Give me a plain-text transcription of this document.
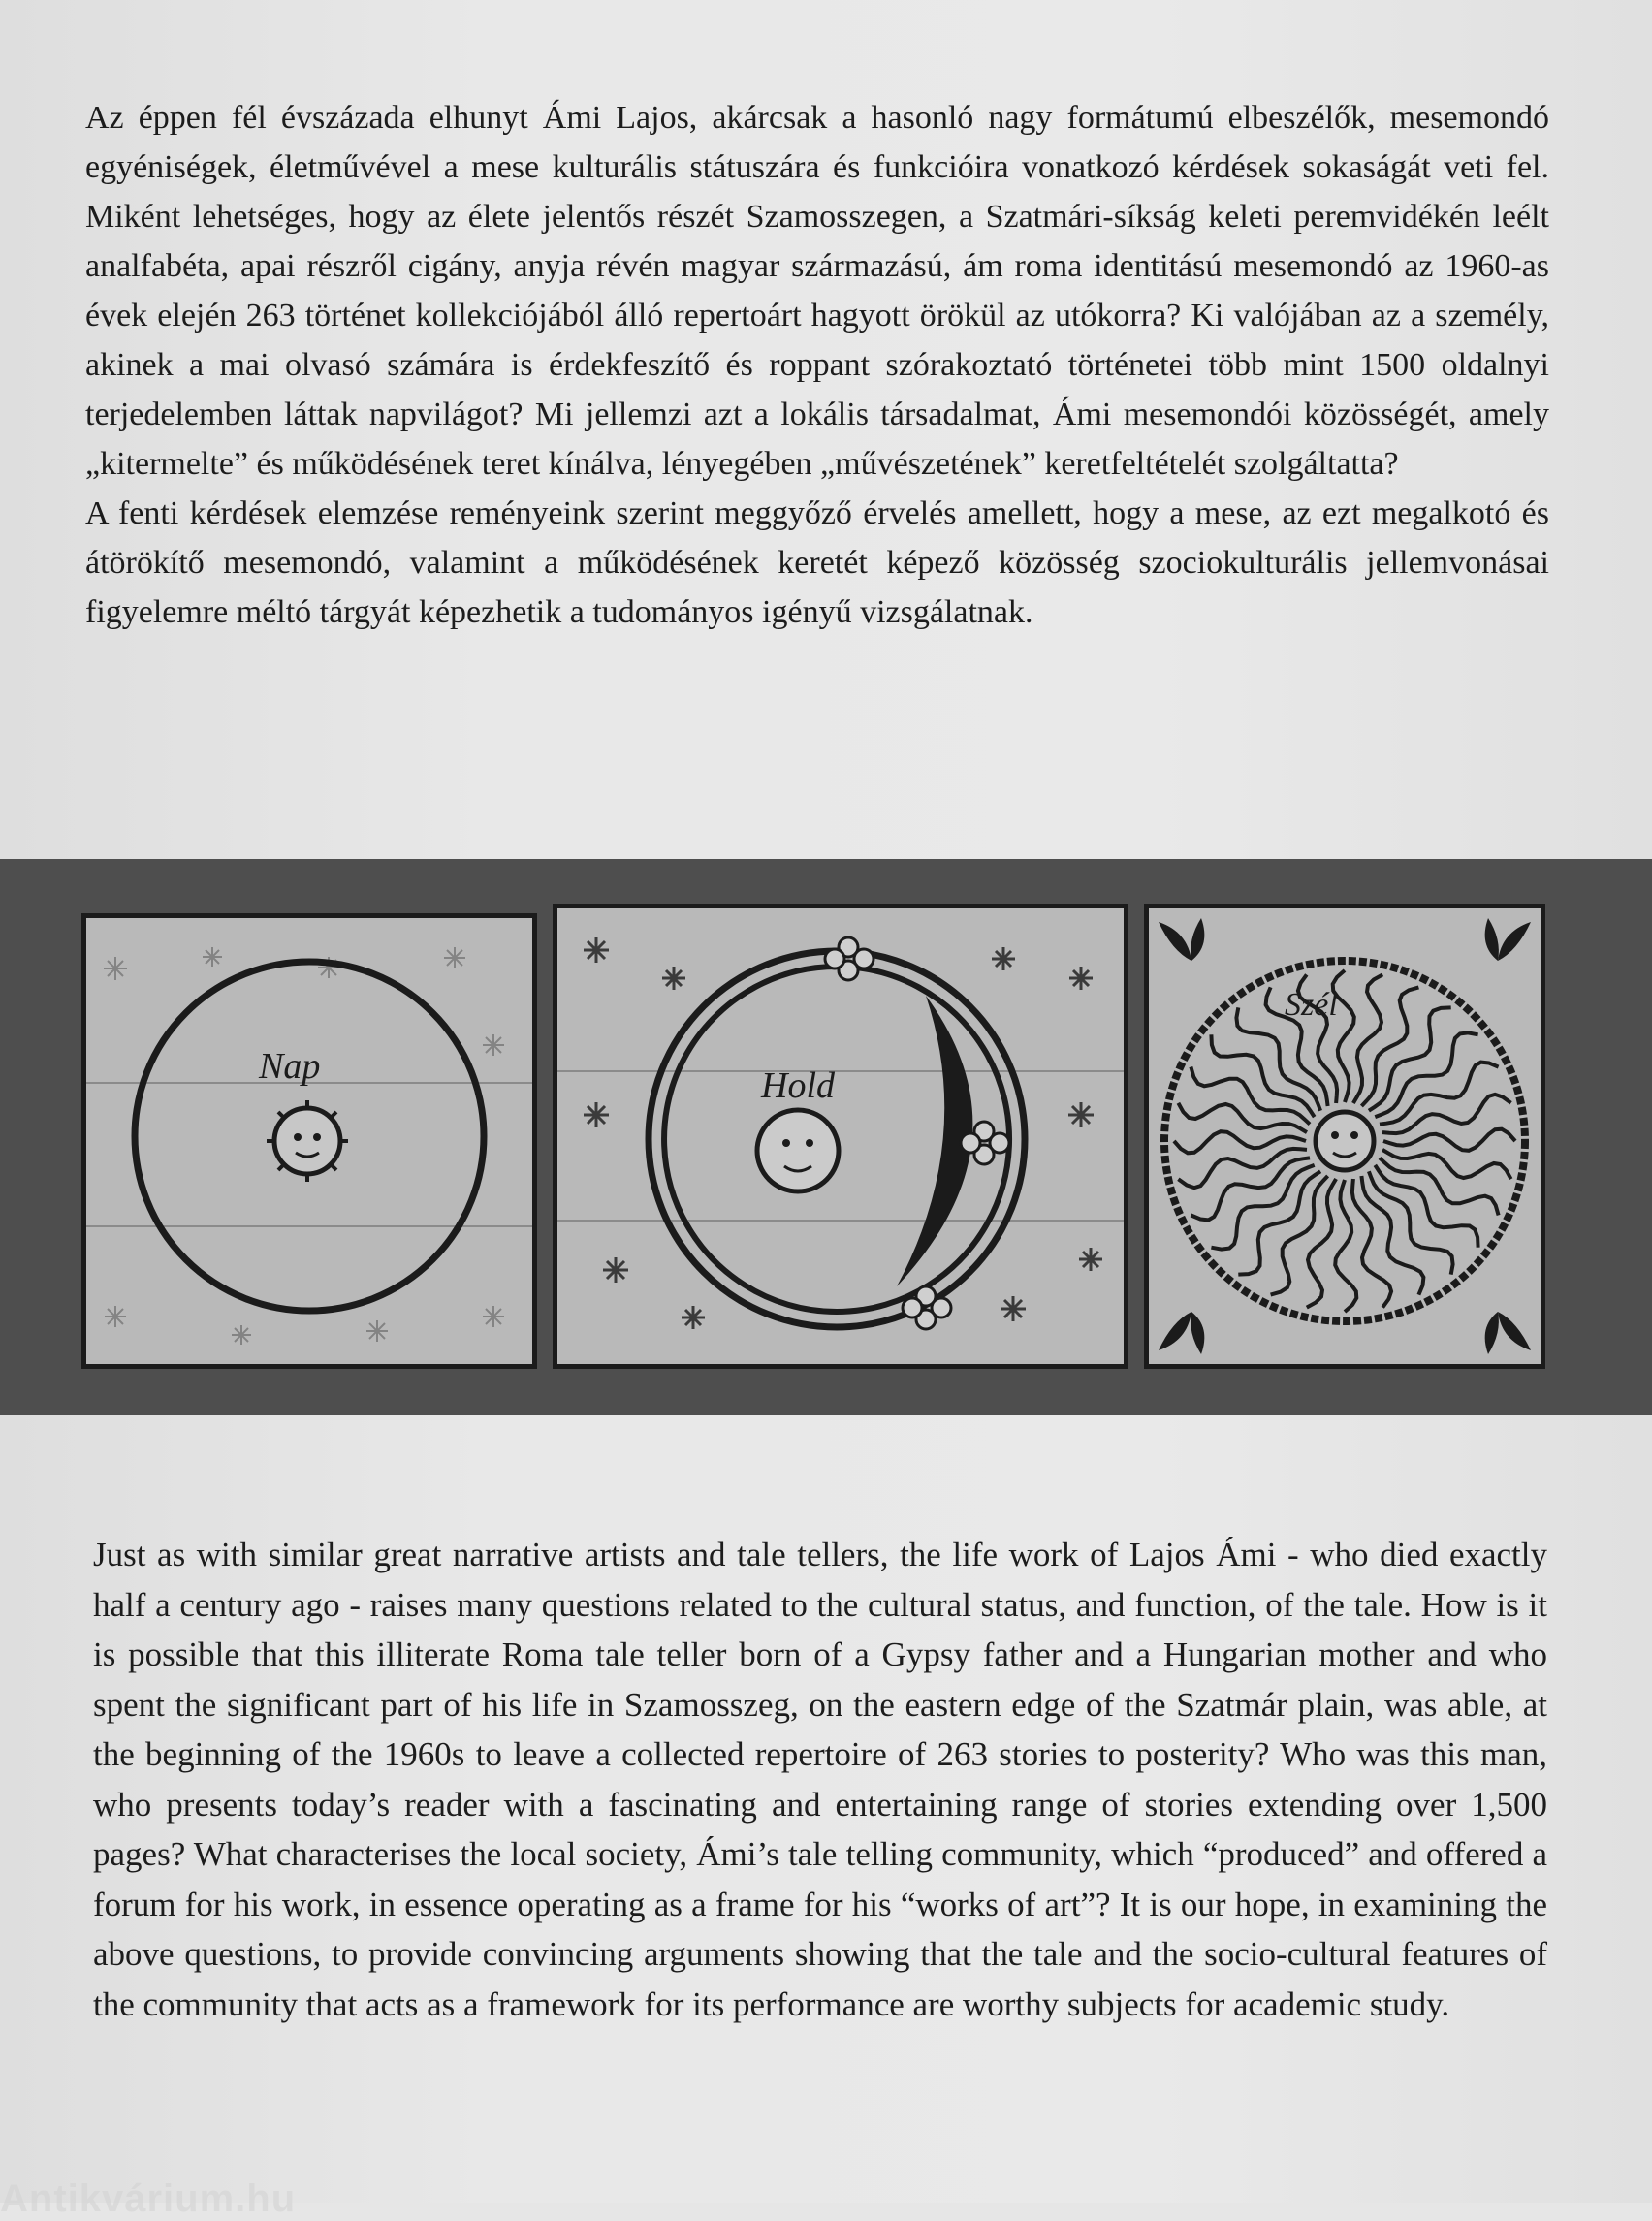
Az éppen fél évszázada elhunyt Ámi Lajos, akárcsak a hasonló nagy formátumú elbeszélők, mesemondó egyéniségek, életművével a mese kulturális státuszára és funkcióira vonatkozó kérdések sokaságát veti fel. Miként lehetséges, hogy az élete jelentős részét Szamosszegen, a Szatmári-síkság keleti peremvidékén leélt analfabéta, apai részről cigány, anyja révén magyar származású, ám roma identitású mesemondó az 1960-as évek elején 263 történet kollekciójából álló repertoárt hagyott örökül az utókorra? Ki valójában az a személy, akinek a mai olvasó számára is érdekfeszítő és roppant szórakoztató történetei több mint 1500 oldalnyi terjedelemben láttak napvilágot? Mi jellemzi azt a lokális társadalmat, Ámi mesemondói közösségét, amely „kitermelte” és működésének teret kínálva, lényegében „művészetének” keretfeltételét szolgáltatta?

A fenti kérdések elemzése reményeink szerint meggyőző érvelés amellett, hogy a mese, az ezt megalkotó és átörökítő mesemondó, valamint a működésének keretét képező közösség szociokulturális jellemvonásai figyelemre méltó tárgyát képezhetik a tudományos igényű vizsgálatnak.

Nap	Hold
Szél

Just as with similar great narrative artists and tale tellers, the life work of Lajos Ámi - who died exactly half a century ago - raises many questions related to the cultural status, and function, of the tale. How is it is possible that this illiterate Roma tale teller born of a Gypsy father and a Hungarian mother and who spent the significant part of his life in Szamosszeg, on the eastern edge of the Szatmár plain, was able, at the beginning of the 1960s to leave a collected repertoire of 263 stories to posterity? Who was this man, who presents today’s reader with a fascinating and entertaining range of stories extending over 1,500 pages? What characterises the local society, Ámi’s tale telling community, which “produced” and offered a forum for his work, in essence operating as a frame for his “works of art”? It is our hope, in examining the above questions, to provide convincing arguments showing that the tale and the socio-cultural features of the community that acts as a framework for its performance are worthy subjects for academic study.

Antikvárium.hu
